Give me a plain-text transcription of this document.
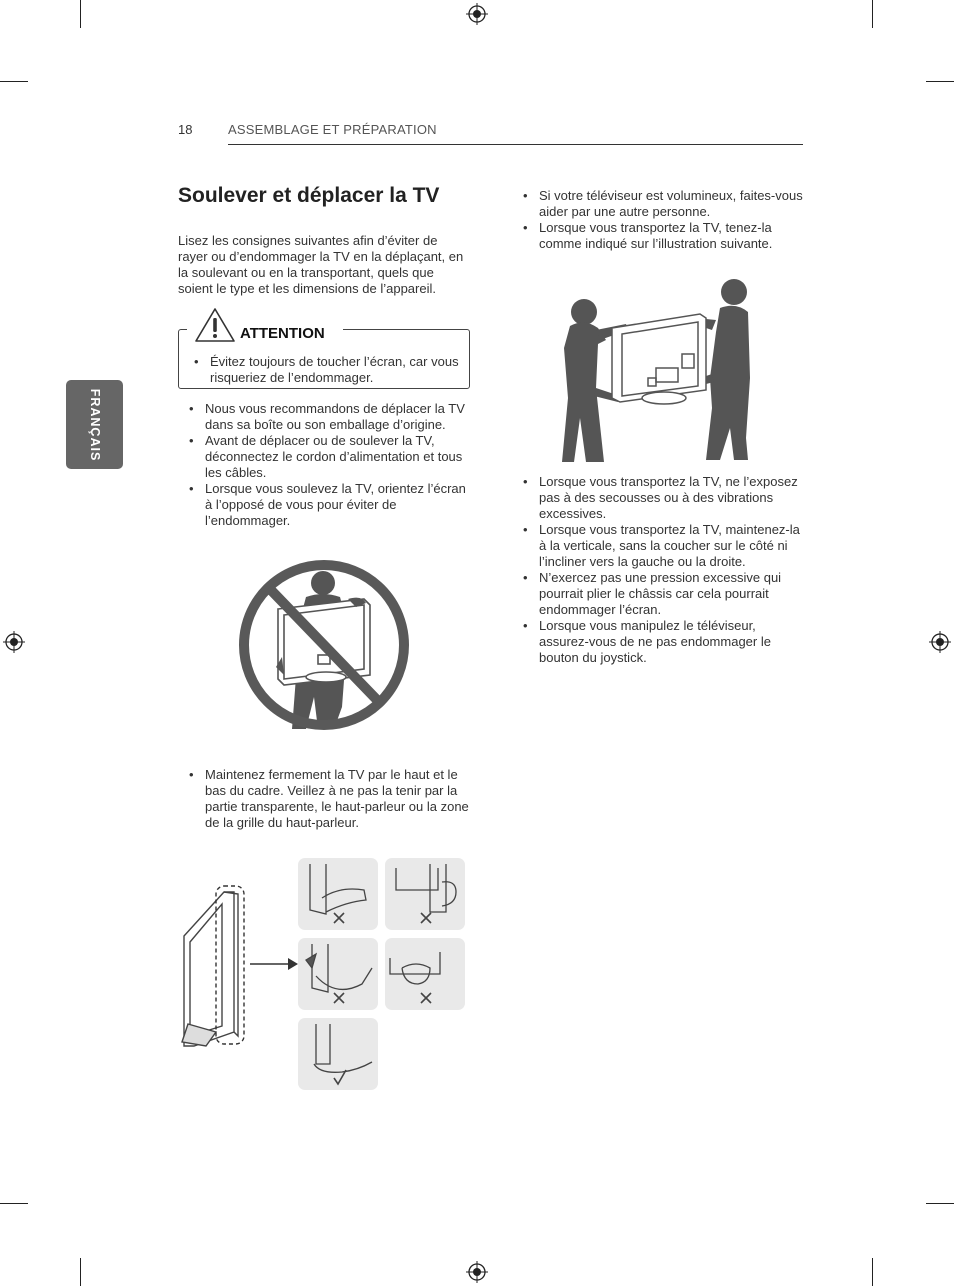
18	ASSEMBLAGE ET PRÉPARATION
FRANÇAIS
Soulever et déplacer la TV
Lisez les consignes suivantes afin d’éviter de rayer ou d’endommager la TV en la déplaçant, en la soulevant ou en la transportant, quels que soient le type et les dimensions de l’appareil.
ATTENTION
• Évitez toujours de toucher l’écran, car vous risqueriez de l’endommager.
• Nous vous recommandons de déplacer la TV dans sa boîte ou son emballage d’origine.
• Avant de déplacer ou de soulever la TV, déconnectez le cordon d’alimentation et tous les câbles.
• Lorsque vous soulevez la TV, orientez l’écran à l’opposé de vous pour éviter de l’endommager.
• Maintenez fermement la TV par le haut et le bas du cadre. Veillez à ne pas la tenir par la partie transparente, le haut-parleur ou la zone de la grille du haut-parleur.
• Si votre téléviseur est volumineux, faites-vous aider par une autre personne.
• Lorsque vous transportez la TV, tenez-la comme indiqué sur l’illustration suivante.
• Lorsque vous transportez la TV, ne l’exposez pas à des secousses ou à des vibrations excessives.
• Lorsque vous transportez la TV, maintenez-la à la verticale, sans la coucher sur le côté ni l’incliner vers la gauche ou la droite.
• N’exercez pas une pression excessive qui pourrait plier le châssis car cela pourrait endommager l’écran.
• Lorsque vous manipulez le téléviseur, assurez-vous de ne pas endommager le bouton du joystick.
